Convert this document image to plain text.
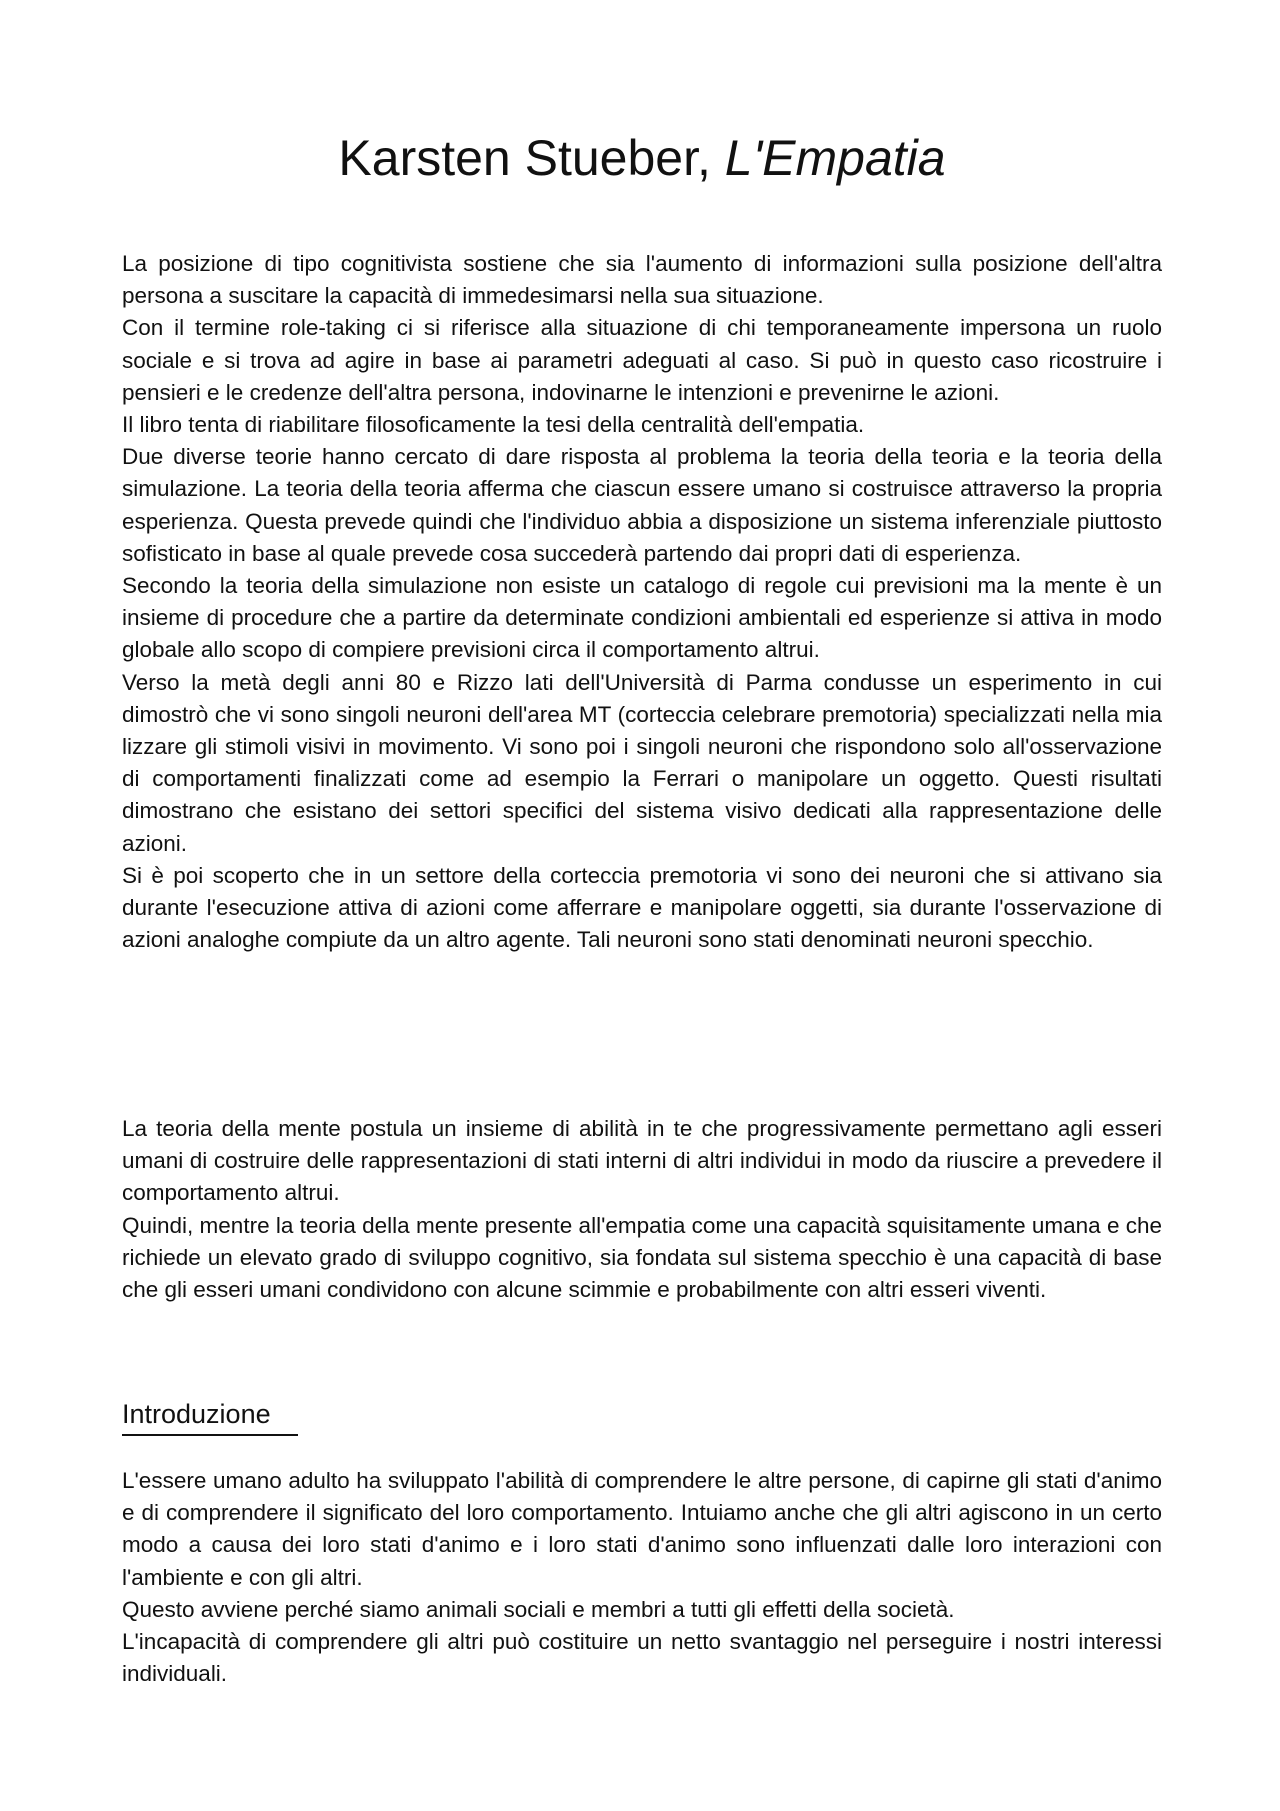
Karsten Stueber, L'Empatia

La posizione di tipo cognitivista sostiene che sia l'aumento di informazioni sulla posizione dell'altra persona a suscitare la capacità di immedesimarsi nella sua situazione.

Con il termine role-taking ci si riferisce alla situazione di chi temporaneamente impersona un ruolo sociale e si trova ad agire in base ai parametri adeguati al caso. Si può in questo caso ricostruire i pensieri e le credenze dell'altra persona, indovinarne le intenzioni e prevenirne le azioni.

Il libro tenta di riabilitare filosoficamente la tesi della centralità dell'empatia.

Due diverse teorie hanno cercato di dare risposta al problema la teoria della teoria e la teoria della simulazione. La teoria della teoria afferma che ciascun essere umano si costruisce attraverso la propria esperienza. Questa prevede quindi che l'individuo abbia a disposizione un sistema inferenziale piuttosto sofisticato in base al quale prevede cosa succederà partendo dai propri dati di esperienza.

Secondo la teoria della simulazione non esiste un catalogo di regole cui previsioni ma la mente è un insieme di procedure che a partire da determinate condizioni ambientali ed esperienze si attiva in modo globale allo scopo di compiere previsioni circa il comportamento altrui.

Verso la metà degli anni 80 e Rizzo lati dell'Università di Parma condusse un esperimento in cui dimostrò che vi sono singoli neuroni dell'area MT (corteccia celebrare premotoria) specializzati nella mia lizzare gli stimoli visivi in movimento. Vi sono poi i singoli neuroni che rispondono solo all'osservazione di comportamenti finalizzati come ad esempio la Ferrari o manipolare un oggetto. Questi risultati dimostrano che esistano dei settori specifici del sistema visivo dedicati alla rappresentazione delle azioni.

Si è poi scoperto che in un settore della corteccia premotoria vi sono dei neuroni che si attivano sia durante l'esecuzione attiva di azioni come afferrare e manipolare oggetti, sia durante l'osservazione di azioni analoghe compiute da un altro agente. Tali neuroni sono stati denominati neuroni specchio.

La teoria della mente postula un insieme di abilità in te che progressivamente permettano agli esseri umani di costruire delle rappresentazioni di stati interni di altri individui in modo da riuscire a prevedere il comportamento altrui.

Quindi, mentre la teoria della mente presente all'empatia come una capacità squisitamente umana e che richiede un elevato grado di sviluppo cognitivo, sia fondata sul sistema specchio è una capacità di base che gli esseri umani condividono con alcune scimmie e probabilmente con altri esseri viventi.

Introduzione

L'essere umano adulto ha sviluppato l'abilità di comprendere le altre persone, di capirne gli stati d'animo e di comprendere il significato del loro comportamento. Intuiamo anche che gli altri agiscono in un certo modo a causa dei loro stati d'animo e i loro stati d'animo sono influenzati dalle loro interazioni con l'ambiente e con gli altri.

Questo avviene perché siamo animali sociali e membri a tutti gli effetti della società.

L'incapacità di comprendere gli altri può costituire un netto svantaggio nel perseguire i nostri interessi individuali.
